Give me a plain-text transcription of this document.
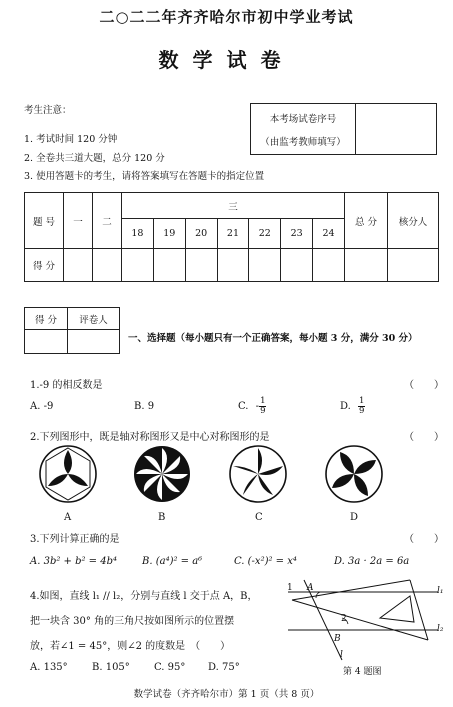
二○二二年齐齐哈尔市初中学业考试
数学试卷
考生注意：
1. 考试时间 120 分钟
2. 全卷共三道大题，总分 120 分
3. 使用答题卡的考生，请将答案填写在答题卡的指定位置
本考场试卷序号
（由监考教师填写）
题 号	一	二	三							总 分	核分人
			18	19	20	21	22	23	24		
得 分											
得 分	评卷人

一、选择题（每小题只有一个正确答案，每小题 3 分，满分 30 分）
1.-9 的相反数是	（　　）
A. -9	B. 9	C. - $\frac{1}{9}$	D. $\frac{1}{9}$
2.下列图形中，既是轴对称图形又是中心对称图形的是	（　　）
A	B	C	D
3.下列计算正确的是	（　　）
A. 3b² + b² = 4b⁴ B. (a⁴)² = a⁶	C. (-x²)² = x⁴	D. 3a · 2a = 6a
4.如图，直线 l₁ // l₂，分别与直线 l 交于点 A，B，
把一块含 30° 角的三角尺按如图所示的位置摆
放，若∠1 = 45°，则∠2 的度数是　（　　）
A. 135° B. 105° C. 95° D. 75°
1 A
2
B
l
l₁
l₂
第 4 题图
数学试卷（齐齐哈尔市）第 1 页（共 8 页）
